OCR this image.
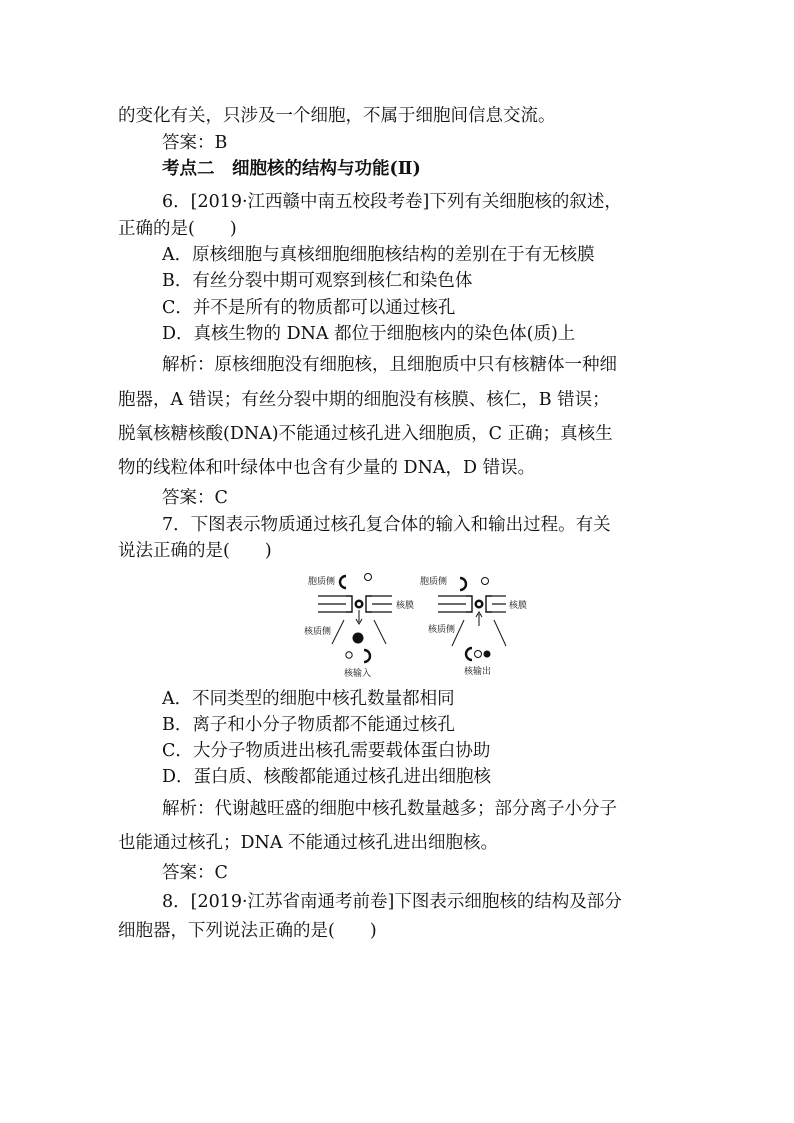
的变化有关，只涉及一个细胞，不属于细胞间信息交流。
答案：B
考点二　细胞核的结构与功能(Ⅱ)
6．[2019·江西赣中南五校段考卷]下列有关细胞核的叙述，
正确的是(　　)
A．原核细胞与真核细胞细胞核结构的差别在于有无核膜
B．有丝分裂中期可观察到核仁和染色体
C．并不是所有的物质都可以通过核孔
D．真核生物的 DNA 都位于细胞核内的染色体(质)上
解析：原核细胞没有细胞核，且细胞质中只有核糖体一种细
胞器，A 错误；有丝分裂中期的细胞没有核膜、核仁，B 错误；
脱氧核糖核酸(DNA)不能通过核孔进入细胞质，C 正确；真核生
物的线粒体和叶绿体中也含有少量的 DNA，D 错误。
答案：C
7．下图表示物质通过核孔复合体的输入和输出过程。有关
说法正确的是(　　)
胞质侧
核膜
核质侧
核输入
胞质侧
核膜
核质侧
核输出
A．不同类型的细胞中核孔数量都相同
B．离子和小分子物质都不能通过核孔
C．大分子物质进出核孔需要载体蛋白协助
D．蛋白质、核酸都能通过核孔进出细胞核
解析：代谢越旺盛的细胞中核孔数量越多；部分离子小分子
也能通过核孔；DNA 不能通过核孔进出细胞核。
答案：C
8．[2019·江苏省南通考前卷]下图表示细胞核的结构及部分
细胞器，下列说法正确的是(　　)
